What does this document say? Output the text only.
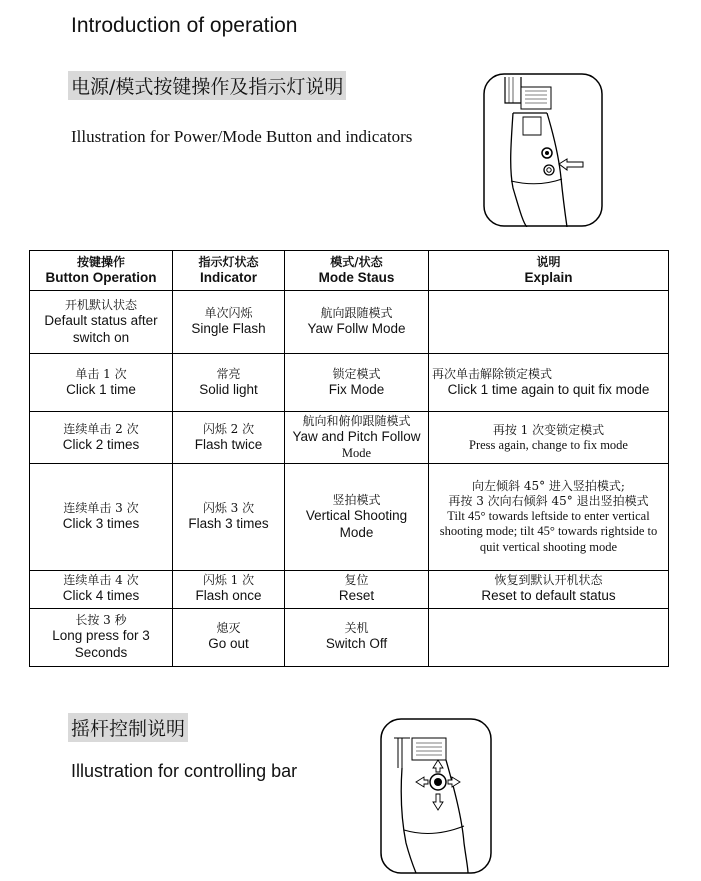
Introduction of operation
电源/模式按键操作及指示灯说明
Illustration for Power/Mode Button and indicators
按键操作
Button Operation	指示灯状态
Indicator	模式/状态
Mode Staus	说明
Explain

开机默认状态
Default status after switch on	单次闪烁
Single Flash	航向跟随模式
Yaw Follw Mode	

单击 1 次
Click 1 time	常亮
Solid light	锁定模式
Fix Mode	再次单击解除锁定模式
Click 1 time again to quit fix mode

连续单击 2 次
Click 2 times	闪烁 2 次
Flash twice	航向和俯仰跟随模式
Yaw and Pitch Follow
Mode	再按 1 次变锁定模式
Press again, change to fix mode

连续单击 3 次
Click 3 times	闪烁 3 次
Flash 3 times	竖拍模式
Vertical Shooting Mode	向左倾斜 45° 进入竖拍模式;
再按 3 次向右倾斜 45° 退出竖拍模式
Tilt 45° towards leftside to enter vertical shooting mode; tilt 45° towards rightside to quit vertical shooting mode

连续单击 4 次
Click 4 times	闪烁 1 次
Flash once	复位
Reset	恢复到默认开机状态
Reset to default status

长按 3 秒
Long press for 3 Seconds	熄灭
Go out	关机
Switch Off	

摇杆控制说明
Illustration for controlling bar
